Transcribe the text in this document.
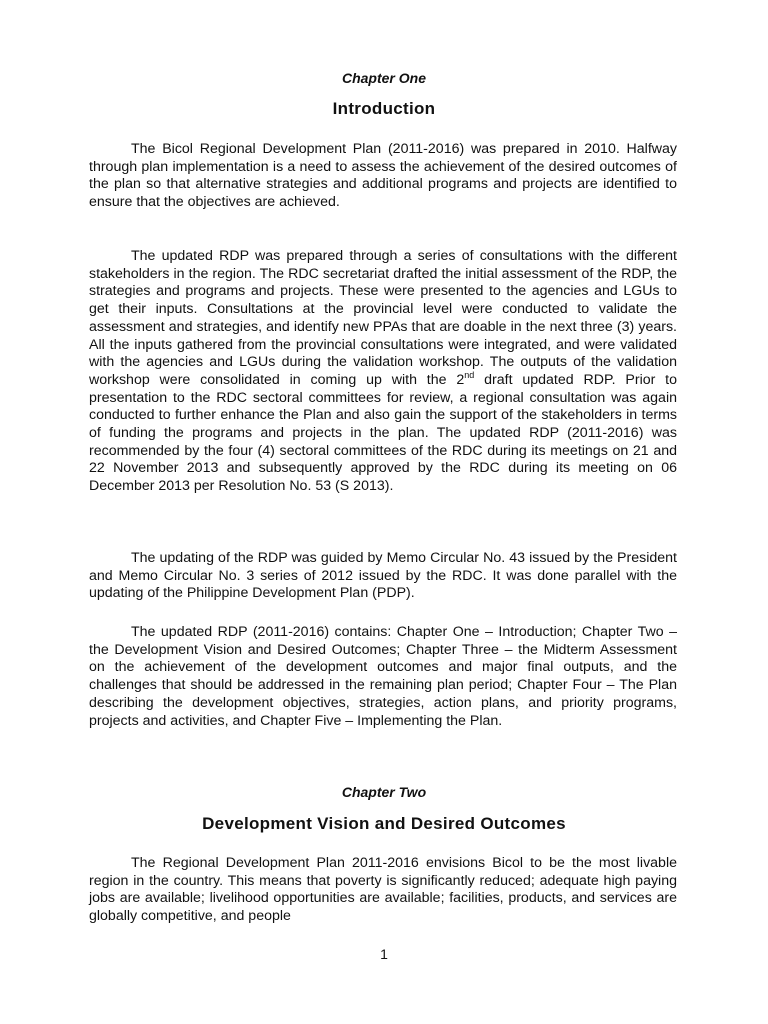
Chapter One
Introduction

The Bicol Regional Development Plan (2011-2016) was prepared in 2010. Halfway through plan implementation is a need to assess the achievement of the desired outcomes of the plan so that alternative strategies and additional programs and projects are identified to ensure that the objectives are achieved.

The updated RDP was prepared through a series of consultations with the different stakeholders in the region. The RDC secretariat drafted the initial assessment of the RDP, the strategies and programs and projects. These were presented to the agencies and LGUs to get their inputs. Consultations at the provincial level were conducted to validate the assessment and strategies, and identify new PPAs that are doable in the next three (3) years. All the inputs gathered from the provincial consultations were integrated, and were validated with the agencies and LGUs during the validation workshop. The outputs of the validation workshop were consolidated in coming up with the 2nd draft updated RDP. Prior to presentation to the RDC sectoral committees for review, a regional consultation was again conducted to further enhance the Plan and also gain the support of the stakeholders in terms of funding the programs and projects in the plan. The updated RDP (2011-2016) was recommended by the four (4) sectoral committees of the RDC during its meetings on 21 and 22 November 2013 and subsequently approved by the RDC during its meeting on 06 December 2013 per Resolution No. 53 (S 2013).

The updating of the RDP was guided by Memo Circular No. 43 issued by the President and Memo Circular No. 3 series of 2012 issued by the RDC. It was done parallel with the updating of the Philippine Development Plan (PDP).

The updated RDP (2011-2016) contains: Chapter One – Introduction; Chapter Two – the Development Vision and Desired Outcomes; Chapter Three – the Midterm Assessment on the achievement of the development outcomes and major final outputs, and the challenges that should be addressed in the remaining plan period; Chapter Four – The Plan describing the development objectives, strategies, action plans, and priority programs, projects and activities, and Chapter Five – Implementing the Plan.

Chapter Two
Development Vision and Desired Outcomes

The Regional Development Plan 2011-2016 envisions Bicol to be the most livable region in the country. This means that poverty is significantly reduced; adequate high paying jobs are available; livelihood opportunities are available; facilities, products, and services are globally competitive, and people

1
